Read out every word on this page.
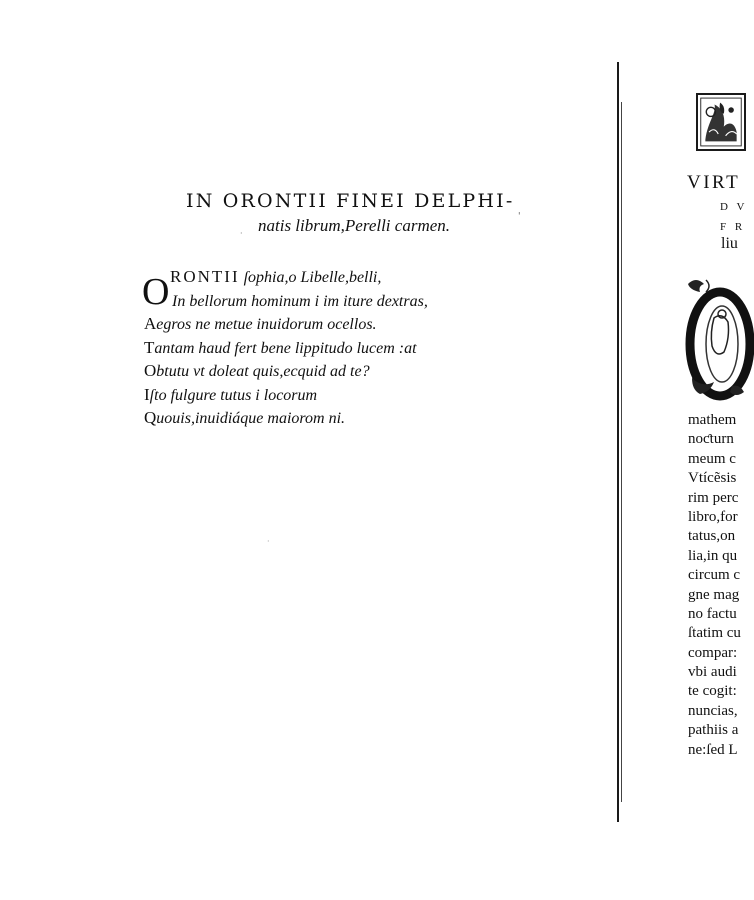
IN ORONTII FINEI DELPHI-
natis librum,Perelli carmen.	'
·
·
O RONTII ſophia,o Libelle,belli,
In bellorum hominum i im iture dextras,
Aegros ne metue inuidorum ocellos.
Tantam haud fert bene lippitudo lucem :at
Obtutu vt doleat quis,ecquid ad te?
Iſto fulgure tutus i locorum
Quouis,inuidiáque maiorom ni.
VIRT
D V
F R
liu
mathem
noƈturn
meum c
Vtícẽsis
rim perc
libro,for
tatus,on
lia,in qu
circum c
gne mag
no factu
ſtatim cu
compar:
vbi audi
te cogit:
nuncias,
pathiis a
ne:ſed L
